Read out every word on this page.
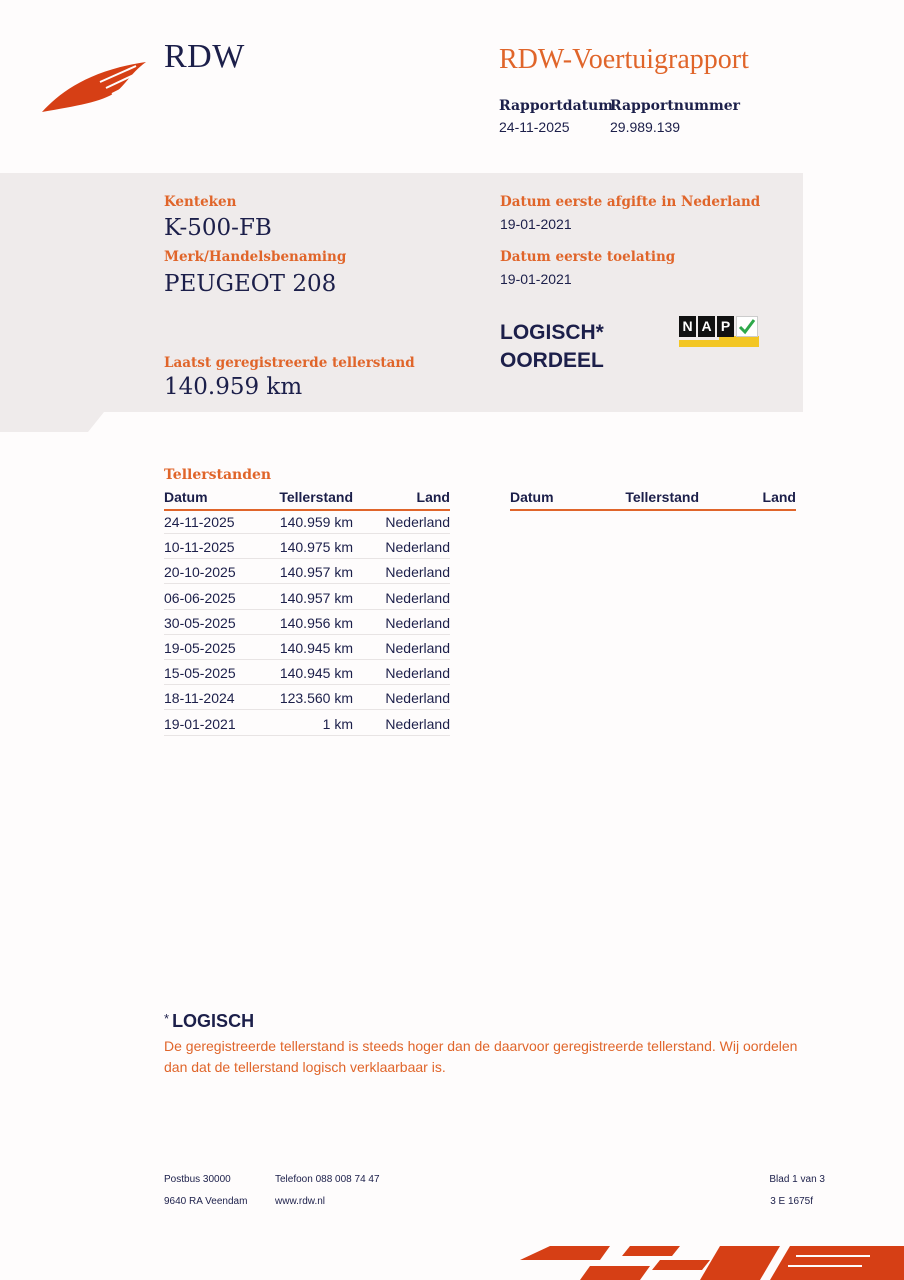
RDW	RDW-Voertuigrapport
Rapportdatum
24-11-2025
Rapportnummer
29.989.139
Kenteken
K-500-FB
Merk/Handelsbenaming
PEUGEOT 208
Laatst geregistreerde tellerstand
140.959 km
Datum eerste afgifte in Nederland
19-01-2021
Datum eerste toelating
19-01-2021
LOGISCH*
OORDEEL
N A P
Tellerstanden
Datum	Tellerstand	Land	Datum	Tellerstand	Land
24-11-2025	140.959 km Nederland
10-11-2025	140.975 km Nederland
20-10-2025	140.957 km Nederland
06-06-2025	140.957 km Nederland
30-05-2025	140.956 km Nederland
19-05-2025	140.945 km Nederland
15-05-2025	140.945 km Nederland
18-11-2024	123.560 km Nederland
19-01-2021	1 km Nederland
* LOGISCH
De geregistreerde tellerstand is steeds hoger dan de daarvoor geregistreerde tellerstand. Wij oordelen dan dat de tellerstand logisch verklaarbaar is.
Postbus 30000
9640 RA Veendam
Telefoon 088 008 74 47
www.rdw.nl
Blad 1 van 3
3 E 1675f
